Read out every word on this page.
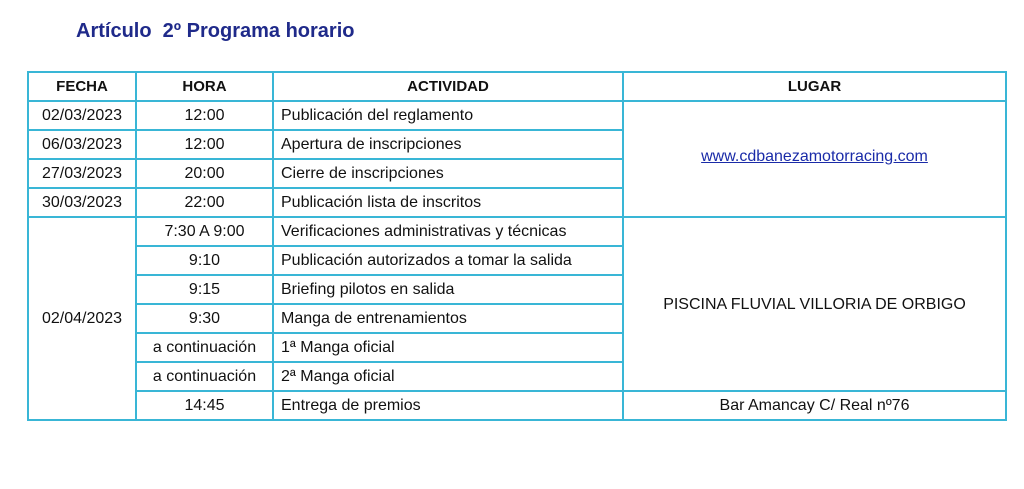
Artículo  2º Programa horario
FECHA	HORA	ACTIVIDAD	LUGAR
02/03/2023	12:00	Publicación del reglamento	www.cdbanezamotorracing.com
06/03/2023	12:00	Apertura de inscripciones	
27/03/2023	20:00	Cierre de inscripciones	
30/03/2023	22:00	Publicación lista de inscritos	
02/04/2023	7:30 A 9:00	Verificaciones administrativas y técnicas	PISCINA FLUVIAL VILLORIA DE ORBIGO
	9:10	Publicación autorizados a tomar la salida	
	9:15	Briefing pilotos en salida	
	9:30	Manga de entrenamientos	
	a continuación	1ª Manga oficial	
	a continuación	2ª Manga oficial	
	14:45	Entrega de premios	Bar Amancay C/ Real nº76
